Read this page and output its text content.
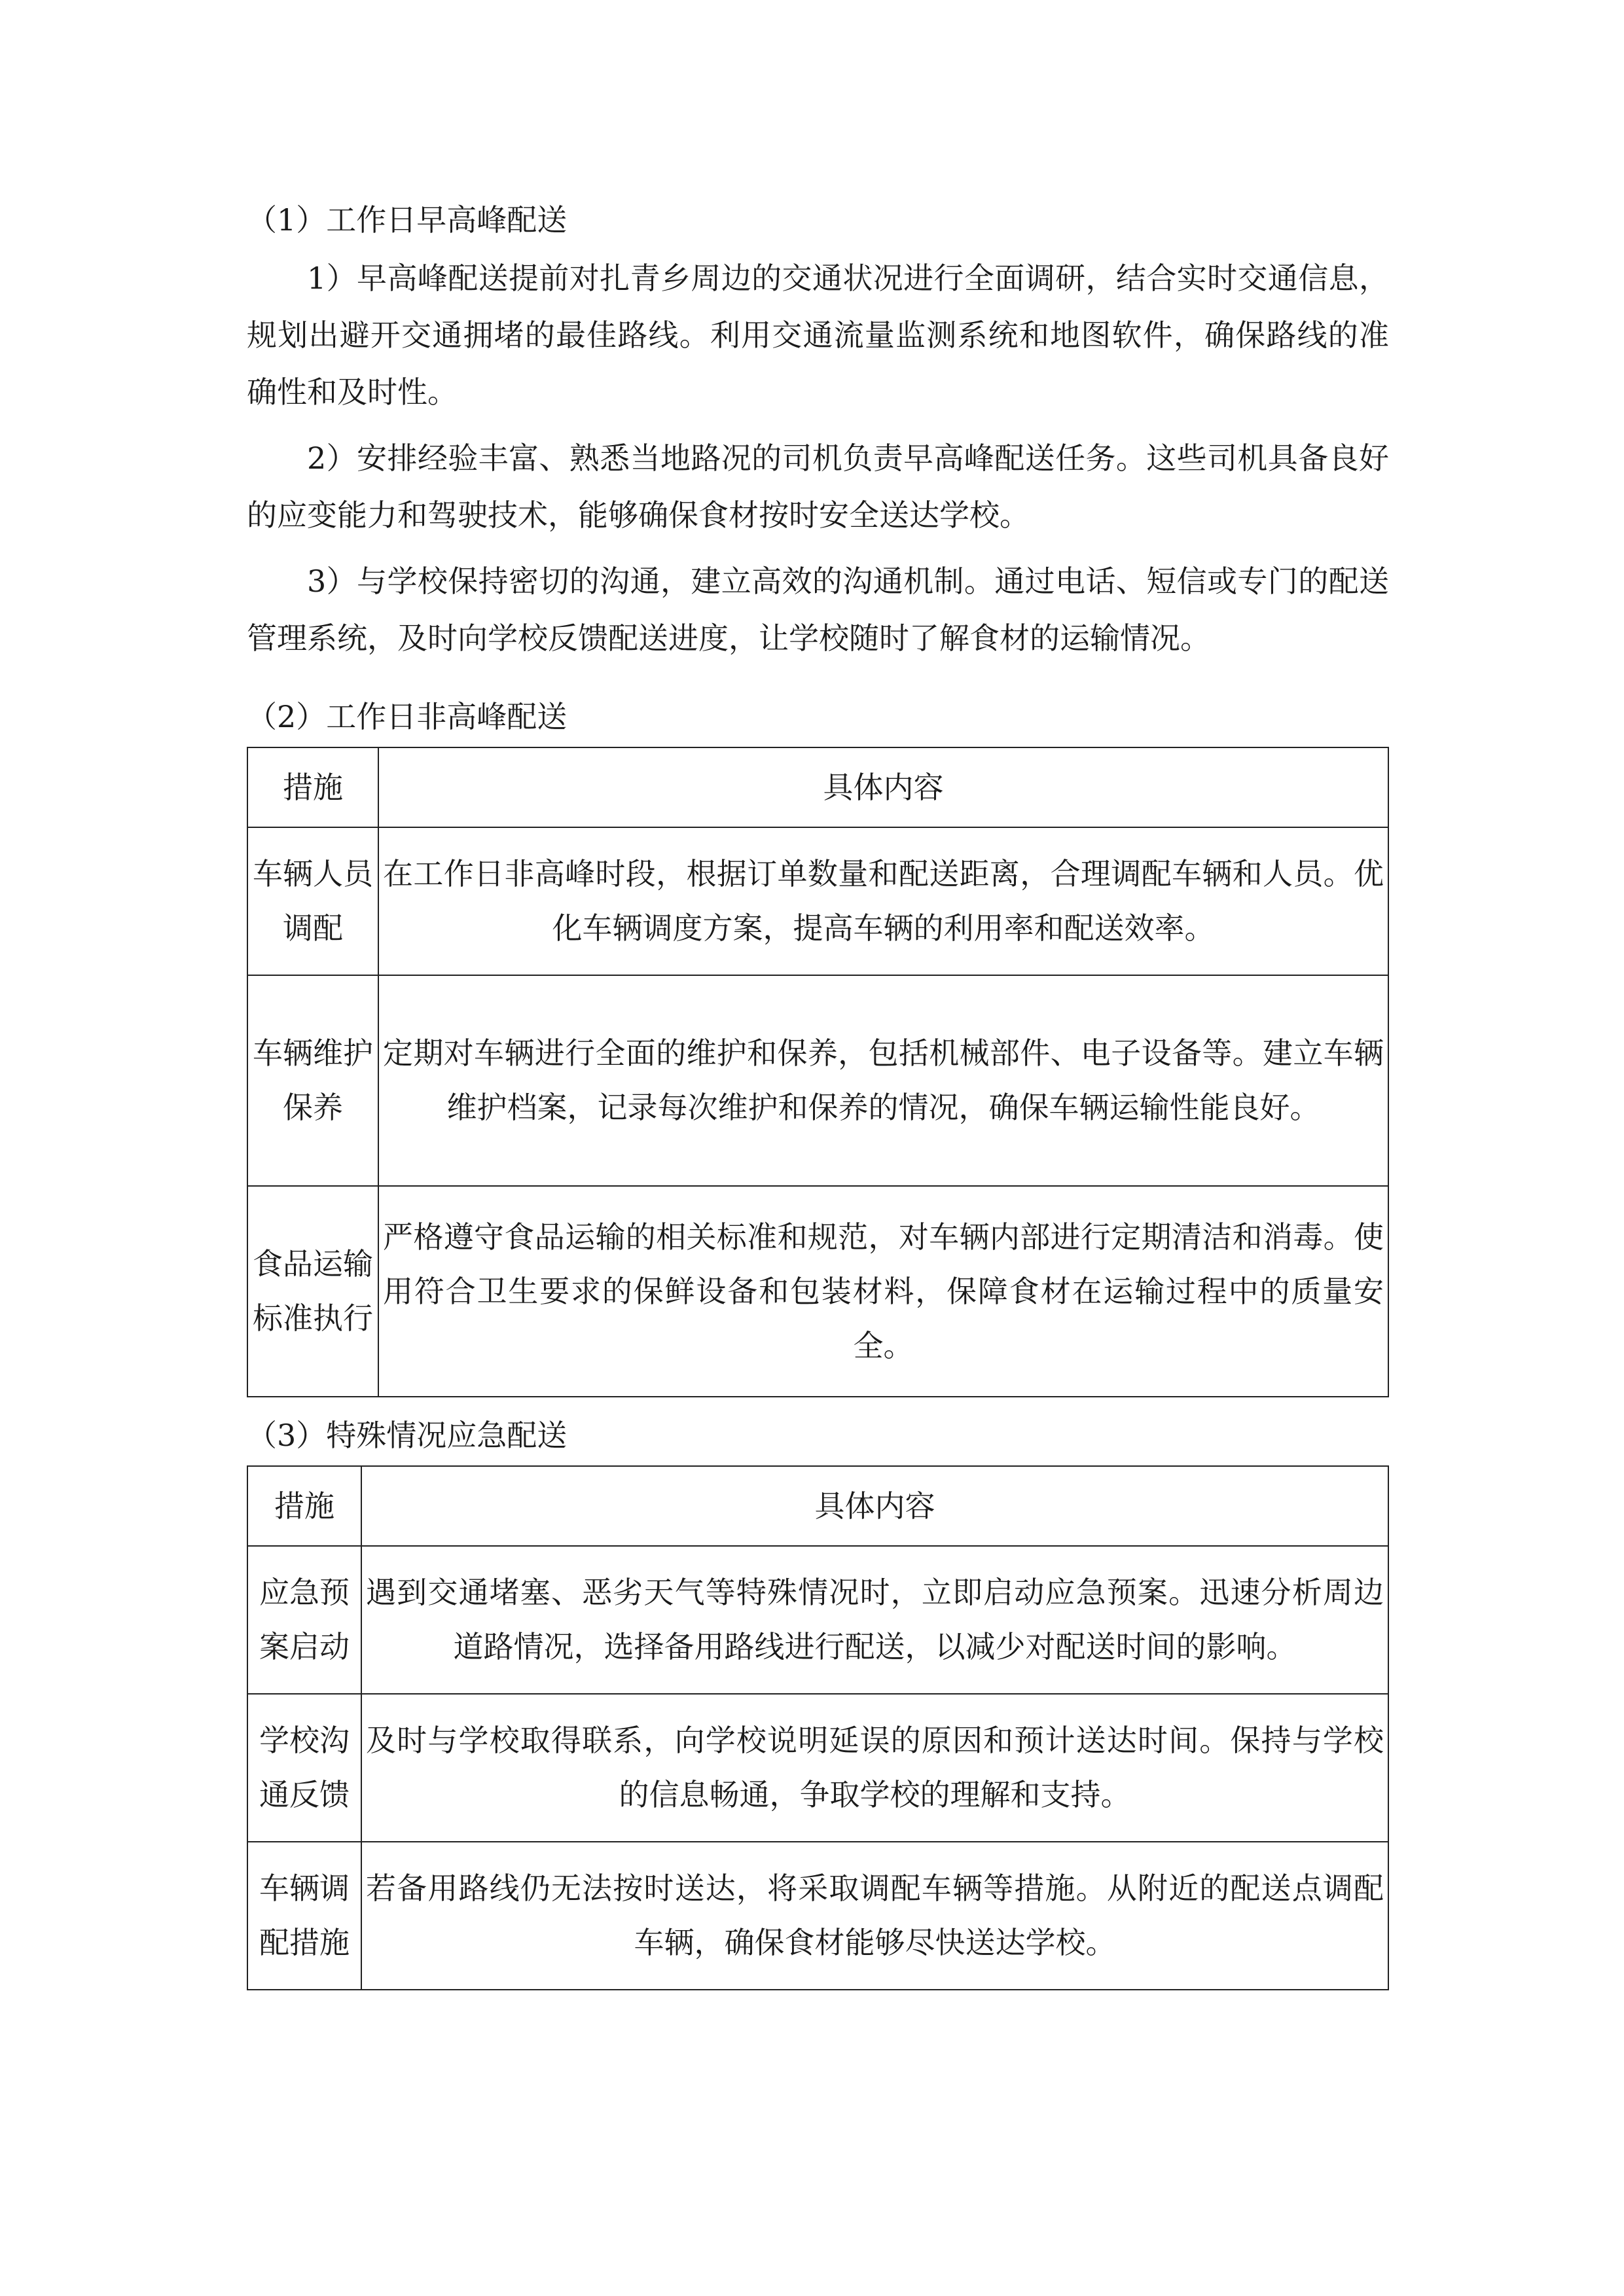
（1）工作日早高峰配送

1）早高峰配送提前对扎青乡周边的交通状况进行全面调研，结合实时交通信息，规划出避开交通拥堵的最佳路线。利用交通流量监测系统和地图软件，确保路线的准确性和及时性。

2）安排经验丰富、熟悉当地路况的司机负责早高峰配送任务。这些司机具备良好的应变能力和驾驶技术，能够确保食材按时安全送达学校。

3）与学校保持密切的沟通，建立高效的沟通机制。通过电话、短信或专门的配送管理系统，及时向学校反馈配送进度，让学校随时了解食材的运输情况。

（2）工作日非高峰配送

措施	具体内容
车辆人员调配	在工作日非高峰时段，根据订单数量和配送距离，合理调配车辆和人员。优化车辆调度方案，提高车辆的利用率和配送效率。
车辆维护保养	定期对车辆进行全面的维护和保养，包括机械部件、电子设备等。建立车辆维护档案，记录每次维护和保养的情况，确保车辆运输性能良好。
食品运输标准执行	严格遵守食品运输的相关标准和规范，对车辆内部进行定期清洁和消毒。使用符合卫生要求的保鲜设备和包装材料，保障食材在运输过程中的质量安全。

（3）特殊情况应急配送

措施	具体内容
应急预案启动	遇到交通堵塞、恶劣天气等特殊情况时，立即启动应急预案。迅速分析周边道路情况，选择备用路线进行配送，以减少对配送时间的影响。
学校沟通反馈	及时与学校取得联系，向学校说明延误的原因和预计送达时间。保持与学校的信息畅通，争取学校的理解和支持。
车辆调配措施	若备用路线仍无法按时送达，将采取调配车辆等措施。从附近的配送点调配车辆，确保食材能够尽快送达学校。
